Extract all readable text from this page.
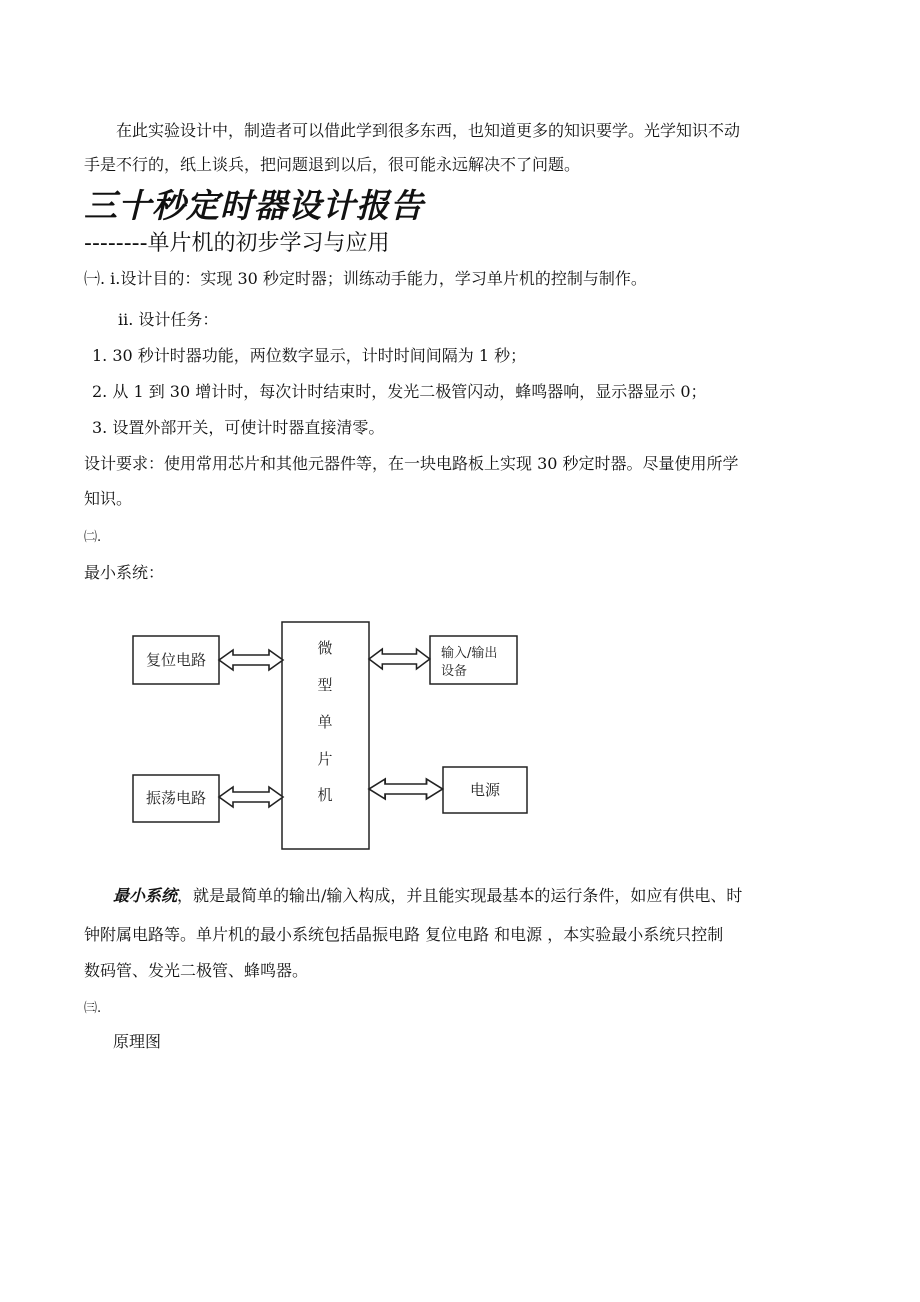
在此实验设计中，制造者可以借此学到很多东西，也知道更多的知识要学。光学知识不动
手是不行的，纸上谈兵，把问题退到以后，很可能永远解决不了问题。
三十秒定时器设计报告
--------单片机的初步学习与应用
㈠. ⅰ.设计目的：实现 30 秒定时器；训练动手能力，学习单片机的控制与制作。
ⅱ. 设计任务：
1. 30 秒计时器功能，两位数字显示，计时时间间隔为 1 秒；
2. 从 1 到 30 增计时，每次计时结束时，发光二极管闪动，蜂鸣器响，显示器显示 0；
3. 设置外部开关，可使计时器直接清零。
设计要求：使用常用芯片和其他元器件等，在一块电路板上实现 30 秒定时器。尽量使用所学
知识。
㈡.
最小系统：
复位电路
振荡电路
微
型
单
片
机
输入/输出
设备
电源
最小系统，就是最简单的输出/输入构成，并且能实现最基本的运行条件，如应有供电、时
钟附属电路等。单片机的最小系统包括晶振电路 复位电路 和电源 ，本实验最小系统只控制
数码管、发光二极管、蜂鸣器。
㈢.
原理图
